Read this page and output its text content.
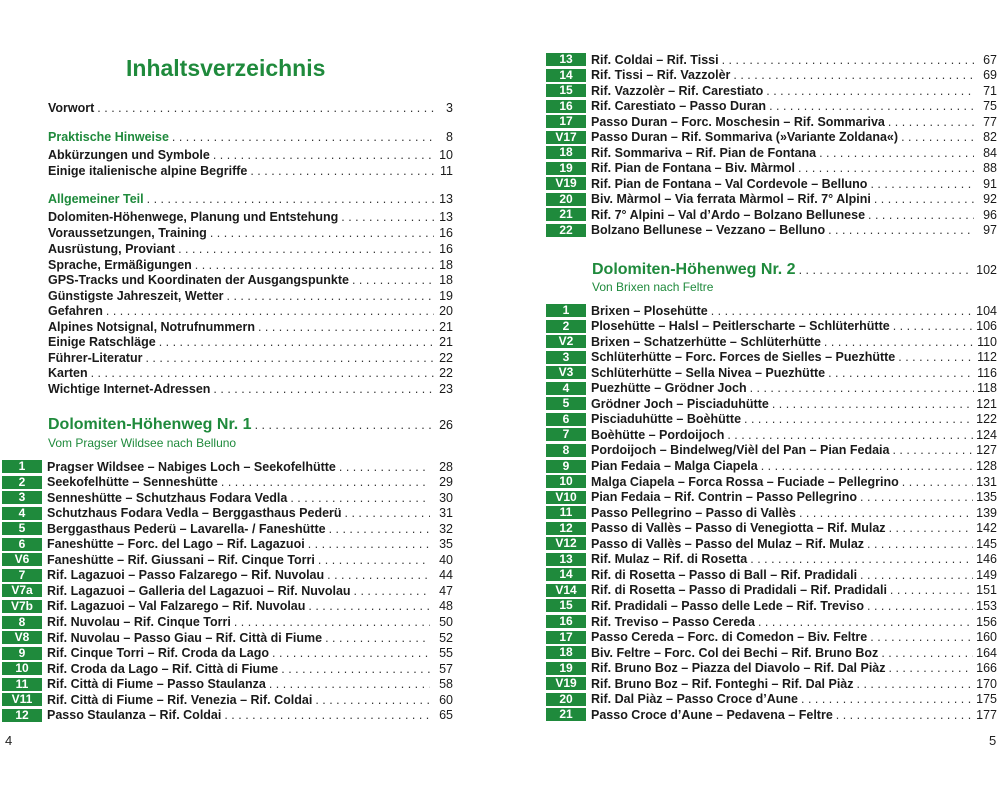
Inhaltsverzeichnis
Vorwort . . .	3
Praktische Hinweise . . .	8
Abkürzungen und Symbole . . .	10
Einige italienische alpine Begriffe . . .	11
Allgemeiner Teil . . .	13
Dolomiten-Höhenwege, Planung und Entstehung . . .	13
Voraussetzungen, Training . . .	16
Ausrüstung, Proviant . . .	16
Sprache, Ermäßigungen . . .	18
GPS-Tracks und Koordinaten der Ausgangspunkte . . .	18
Günstigste Jahreszeit, Wetter . . .	19
Gefahren . . .	20
Alpines Notsignal, Notrufnummern . . .	21
Einige Ratschläge . . .	21
Führer-Literatur . . .	22
Karten . . .	22
Wichtige Internet-Adressen . . .	23
Dolomiten-Höhenweg Nr. 1 . . .	26
Vom Pragser Wildsee nach Belluno
1	Pragser Wildsee – Nabiges Loch – Seekofelhütte . . .	28
2	Seekofelhütte – Senneshütte . . .	29
3	Senneshütte – Schutzhaus Fodara Vedla . . .	30
4	Schutzhaus Fodara Vedla – Berggasthaus Pederü . . .	31
5	Berggasthaus Pederü – Lavarella- / Faneshütte . . .	32
6	Faneshütte – Forc. del Lago – Rif. Lagazuoi . . .	35
V6	Faneshütte – Rif. Giussani – Rif. Cinque Torri . . .	40
7	Rif. Lagazuoi – Passo Falzarego – Rif. Nuvolau . . .	44
V7a	Rif. Lagazuoi – Galleria del Lagazuoi – Rif. Nuvolau . . .	47
V7b	Rif. Lagazuoi – Val Falzarego – Rif. Nuvolau . . .	48
8	Rif. Nuvolau – Rif. Cinque Torri . . .	50
V8	Rif. Nuvolau – Passo Giau – Rif. Città di Fiume . . .	52
9	Rif. Cinque Torri – Rif. Croda da Lago . . .	55
10	Rif. Croda da Lago – Rif. Città di Fiume . . .	57
11	Rif. Città di Fiume – Passo Staulanza . . .	58
V11	Rif. Città di Fiume – Rif. Venezia – Rif. Coldai . . .	60
12	Passo Staulanza – Rif. Coldai . . .	65
4
13	Rif. Coldai – Rif. Tissi . . .	67
14	Rif. Tissi – Rif. Vazzolèr . . .	69
15	Rif. Vazzolèr – Rif. Carestiato . . .	71
16	Rif. Carestiato – Passo Duran . . .	75
17	Passo Duran – Forc. Moschesin – Rif. Sommariva . . .	77
V17	Passo Duran – Rif. Sommariva (»Variante Zoldana«) . . .	82
18	Rif. Sommariva – Rif. Pian de Fontana . . .	84
19	Rif. Pian de Fontana – Biv. Màrmol . . .	88
V19	Rif. Pian de Fontana – Val Cordevole – Belluno . . .	91
20	Biv. Màrmol – Via ferrata Màrmol – Rif. 7° Alpini . . .	92
21	Rif. 7° Alpini – Val d’Ardo – Bolzano Bellunese . . .	96
22	Bolzano Bellunese – Vezzano – Belluno . . .	97
Dolomiten-Höhenweg Nr. 2 . . .	102
Von Brixen nach Feltre
1	Brixen – Plosehütte . . .	104
2	Plosehütte – Halsl – Peitlerscharte – Schlüterhütte . . .	106
V2	Brixen – Schatzerhütte – Schlüterhütte . . .	110
3	Schlüterhütte – Forc. Forces de Sielles – Puezhütte . . .	112
V3	Schlüterhütte – Sella Nivea – Puezhütte . . .	116
4	Puezhütte – Grödner Joch . . .	118
5	Grödner Joch – Pisciaduhütte . . .	121
6	Pisciaduhütte – Boèhütte . . .	122
7	Boèhütte – Pordoijoch . . .	124
8	Pordoijoch – Bindelweg/Vièl del Pan – Pian Fedaia . . .	127
9	Pian Fedaia – Malga Ciapela . . .	128
10	Malga Ciapela – Forca Rossa – Fuciade – Pellegrino . . .	131
V10	Pian Fedaia – Rif. Contrin – Passo Pellegrino . . .	135
11	Passo Pellegrino – Passo di Vallès . . .	139
12	Passo di Vallès – Passo di Venegiotta – Rif. Mulaz . . .	142
V12	Passo di Vallès – Passo del Mulaz – Rif. Mulaz . . .	145
13	Rif. Mulaz – Rif. di Rosetta . . .	146
14	Rif. di Rosetta – Passo di Ball – Rif. Pradidali . . .	149
V14	Rif. di Rosetta – Passo di Pradidali – Rif. Pradidali . . .	151
15	Rif. Pradidali – Passo delle Lede – Rif. Treviso . . .	153
16	Rif. Treviso – Passo Cereda . . .	156
17	Passo Cereda – Forc. di Comedon – Biv. Feltre . . .	160
18	Biv. Feltre – Forc. Col dei Bechi – Rif. Bruno Boz . . .	164
19	Rif. Bruno Boz – Piazza del Diavolo – Rif. Dal Piàz . . .	166
V19	Rif. Bruno Boz – Rif. Fonteghi – Rif. Dal Piàz . . .	170
20	Rif. Dal Piàz – Passo Croce d’Aune . . .	175
21	Passo Croce d’Aune – Pedavena – Feltre . . .	177
5
